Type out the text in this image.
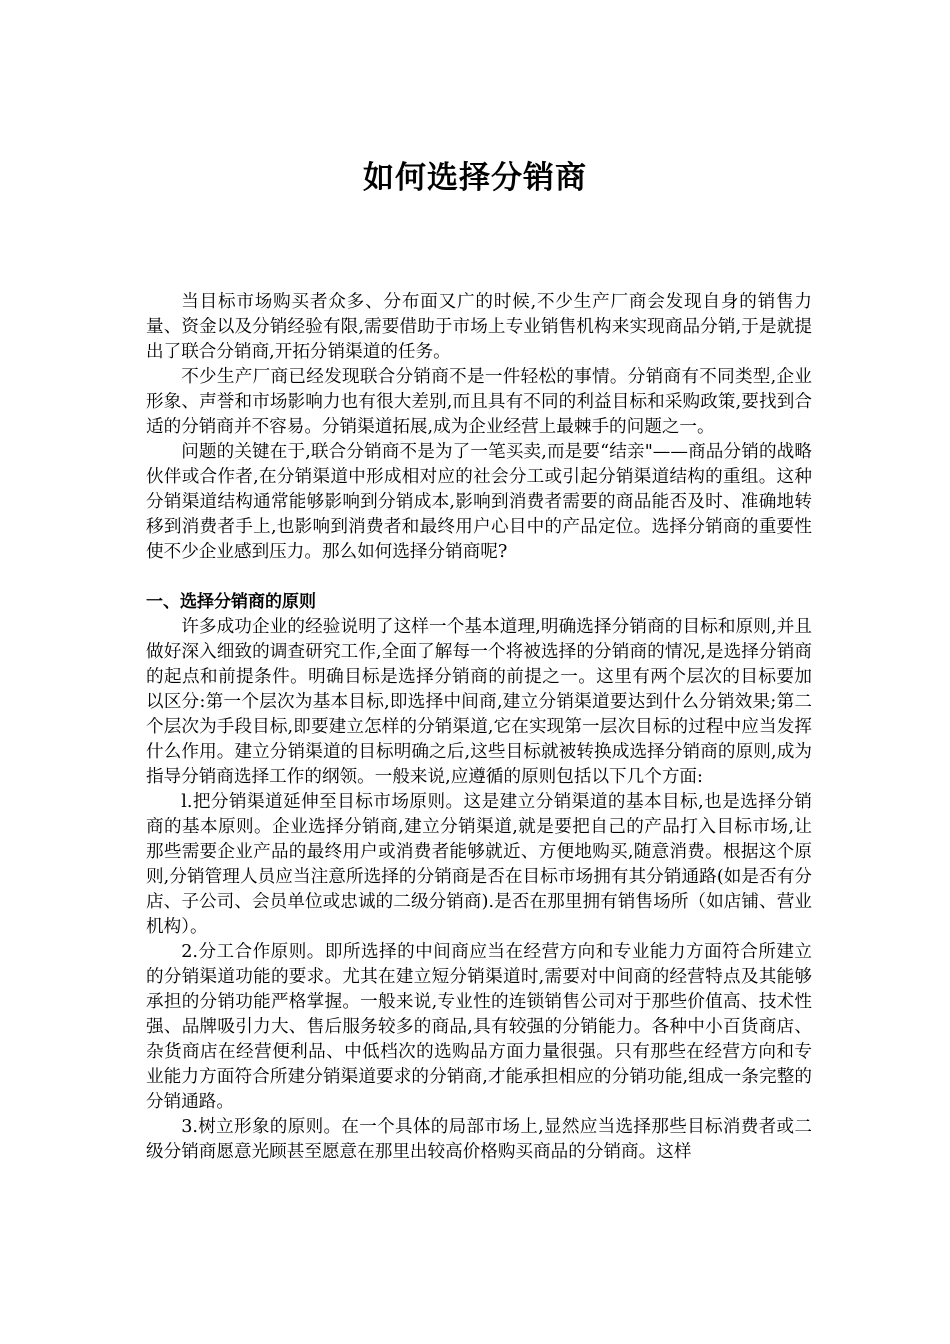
如何选择分销商

当目标市场购买者众多、分布面又广的时候,不少生产厂商会发现自身的销售力量、资金以及分销经验有限,需要借助于市场上专业销售机构来实现商品分销,于是就提出了联合分销商,开拓分销渠道的任务。

不少生产厂商已经发现联合分销商不是一件轻松的事情。分销商有不同类型,企业形象、声誉和市场影响力也有很大差别,而且具有不同的利益目标和采购政策,要找到合适的分销商并不容易。分销渠道拓展,成为企业经营上最棘手的问题之一。

问题的关键在于,联合分销商不是为了一笔买卖,而是要“结亲"——商品分销的战略伙伴或合作者,在分销渠道中形成相对应的社会分工或引起分销渠道结构的重组。这种分销渠道结构通常能够影响到分销成本,影响到消费者需要的商品能否及时、准确地转移到消费者手上,也影响到消费者和最终用户心目中的产品定位。选择分销商的重要性使不少企业感到压力。那么如何选择分销商呢?

一、选择分销商的原则

许多成功企业的经验说明了这样一个基本道理,明确选择分销商的目标和原则,并且做好深入细致的调查研究工作,全面了解每一个将被选择的分销商的情况,是选择分销商的起点和前提条件。明确目标是选择分销商的前提之一。这里有两个层次的目标要加以区分:第一个层次为基本目标,即选择中间商,建立分销渠道要达到什么分销效果;第二个层次为手段目标,即要建立怎样的分销渠道,它在实现第一层次目标的过程中应当发挥什么作用。建立分销渠道的目标明确之后,这些目标就被转换成选择分销商的原则,成为指导分销商选择工作的纲领。一般来说,应遵循的原则包括以下几个方面:

l.把分销渠道延伸至目标市场原则。这是建立分销渠道的基本目标,也是选择分销商的基本原则。企业选择分销商,建立分销渠道,就是要把自己的产品打入目标市场,让那些需要企业产品的最终用户或消费者能够就近、方便地购买,随意消费。根据这个原则,分销管理人员应当注意所选择的分销商是否在目标市场拥有其分销通路(如是否有分店、子公司、会员单位或忠诚的二级分销商).是否在那里拥有销售场所（如店铺、营业机构）。

2.分工合作原则。即所选择的中间商应当在经营方向和专业能力方面符合所建立的分销渠道功能的要求。尤其在建立短分销渠道时,需要对中间商的经营特点及其能够承担的分销功能严格掌握。一般来说,专业性的连锁销售公司对于那些价值高、技术性强、品牌吸引力大、售后服务较多的商品,具有较强的分销能力。各种中小百货商店、杂货商店在经营便利品、中低档次的选购品方面力量很强。只有那些在经营方向和专业能力方面符合所建分销渠道要求的分销商,才能承担相应的分销功能,组成一条完整的分销通路。

3.树立形象的原则。在一个具体的局部市场上,显然应当选择那些目标消费者或二级分销商愿意光顾甚至愿意在那里出较高价格购买商品的分销商。这样
